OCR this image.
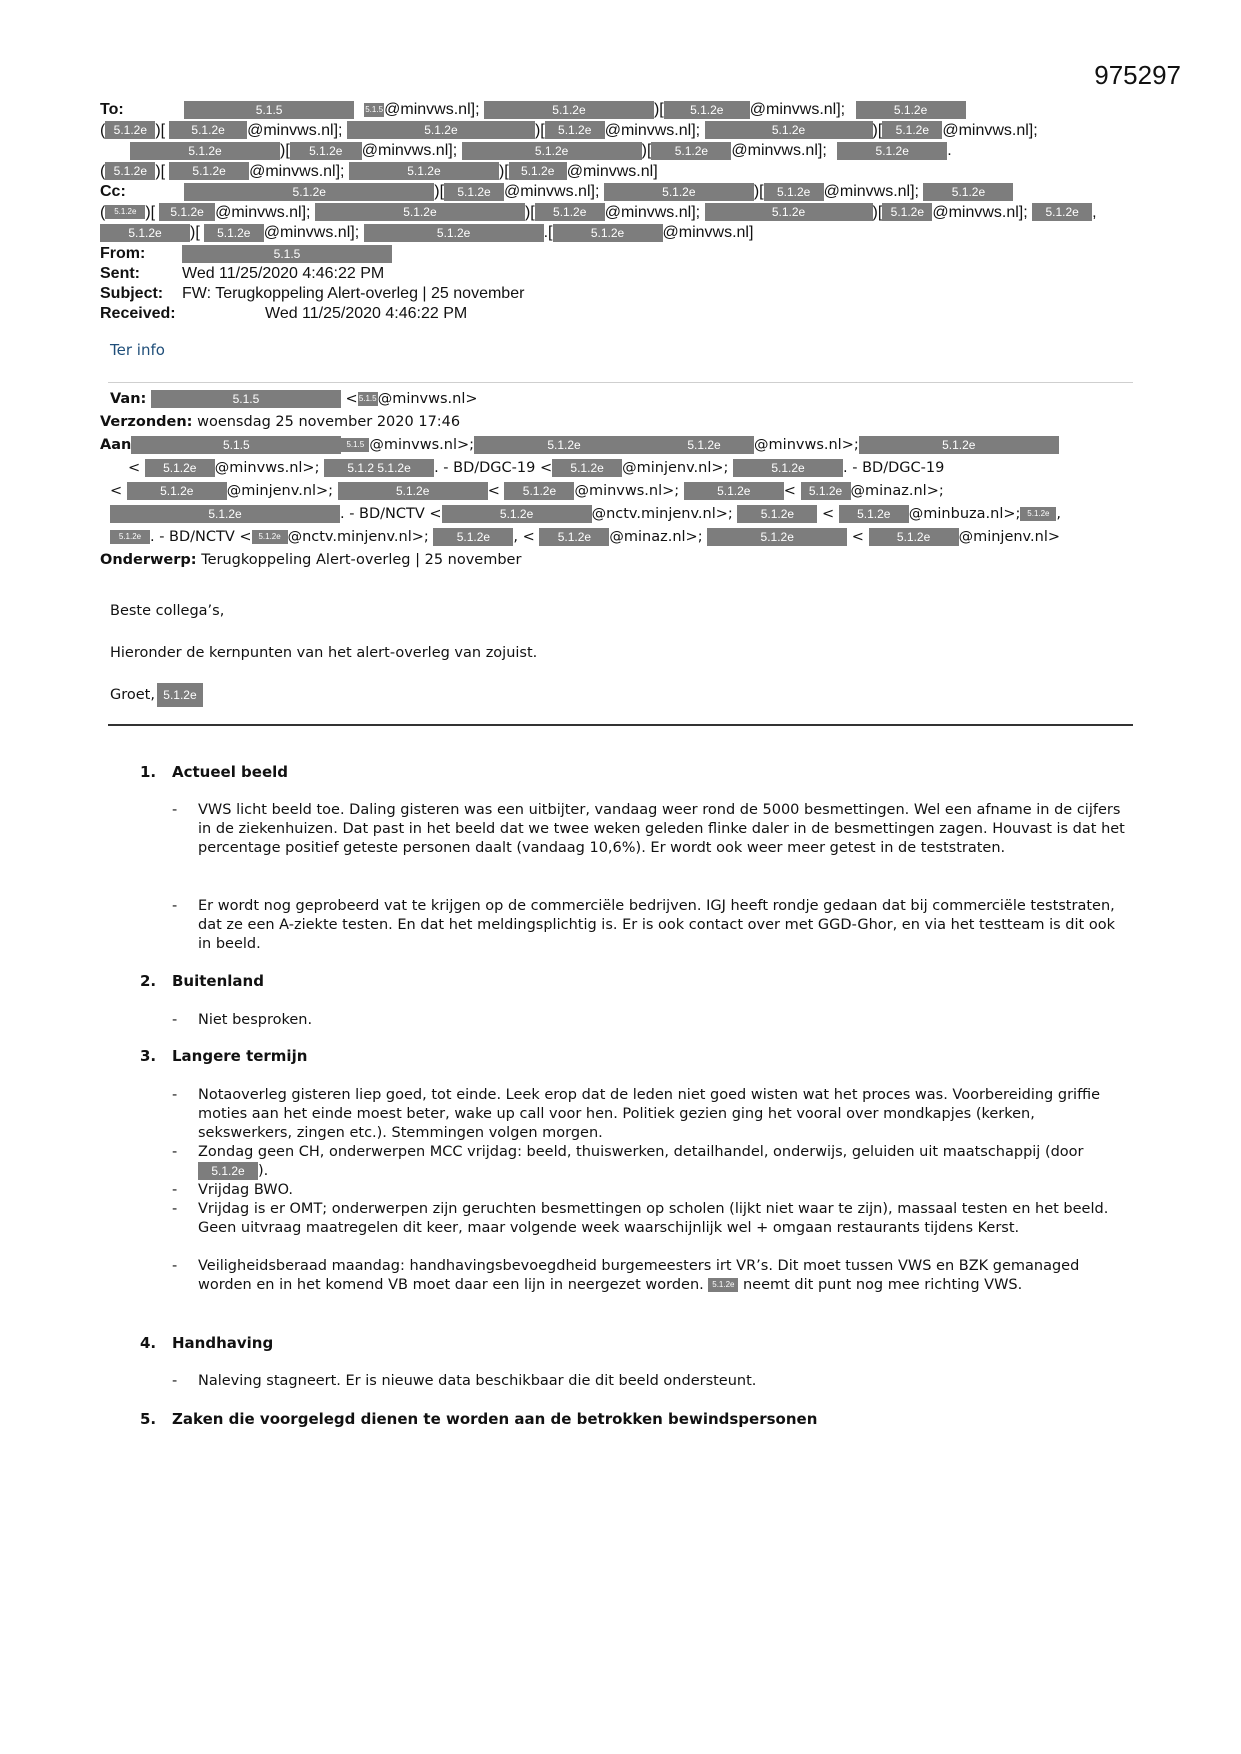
975297
To:	5.1.5	5.1.5@minvws.nl];	5.1.2e	)[ 5.1.2e @minvws.nl];	5.1.2e
( 5.1.2e )[ 5.1.2e @minvws.nl];	5.1.2e	)[ 5.1.2e @minvws.nl];	5.1.2e	)[ 5.1.2e @minvws.nl];
5.1.2e	)[ 5.1.2e @minvws.nl];	5.1.2e	)[ 5.1.2e @minvws.nl];	5.1.2e .
( 5.1.2e )[ 5.1.2e @minvws.nl];	5.1.2e	)[ 5.1.2e @minvws.nl]
Cc:	5.1.2e	)[ 5.1.2e @minvws.nl];	5.1.2e	)[ 5.1.2e @minvws.nl];	5.1.2e
( 5.1.2e )[ 5.1.2e @minvws.nl];	5.1.2e	)[ 5.1.2e @minvws.nl];	5.1.2e	)[ 5.1.2e @minvws.nl]; 5.1.2e ,
5.1.2e )[ 5.1.2e @minvws.nl];	5.1.2e	.[	5.1.2e @minvws.nl]
From:	5.1.5
Sent:	Wed 11/25/2020 4:46:22 PM
Subject: FW: Terugkoppeling Alert-overleg | 25 november
Received:	Wed 11/25/2020 4:46:22 PM
Ter info
Van:	5.1.5	<5.1.5@minvws.nl>
Verzonden: woensdag 25 november 2020 17:46
Aan	5.1.5	5.1.5 @minvws.nl>;	5.1.2e	5.1.2e @minvws.nl>;	5.1.2e
< 5.1.2e @minvws.nl>; 5.1.2 5.1.2e . - BD/DGC-19 < 5.1.2e @minjenv.nl>;	5.1.2e	. - BD/DGC-19
<	5.1.2e @minjenv.nl>;	5.1.2e	< 5.1.2e @minvws.nl>;	5.1.2e < 5.1.2e @minaz.nl>;
5.1.2e	. - BD/NCTV <	5.1.2e	@nctv.minjenv.nl>; 5.1.2e < 5.1.2e @minbuza.nl>; 5.1.2e ,
5.1.2e . - BD/NCTV < 5.1.2e @nctv.minjenv.nl>; 5.1.2e , < 5.1.2e @minaz.nl>;	5.1.2e	< 5.1.2e @minjenv.nl>
Onderwerp: Terugkoppeling Alert-overleg | 25 november
Beste collega’s,
Hieronder de kernpunten van het alert-overleg van zojuist.
Groet, 5.1.2e
1. Actueel beeld
- VWS licht beeld toe. Daling gisteren was een uitbijter, vandaag weer rond de 5000 besmettingen. Wel een afname in de cijfers in de ziekenhuizen. Dat past in het beeld dat we twee weken geleden flinke daler in de besmettingen zagen. Houvast is dat het percentage positief geteste personen daalt (vandaag 10,6%). Er wordt ook weer meer getest in de teststraten.
- Er wordt nog geprobeerd vat te krijgen op de commerciële bedrijven. IGJ heeft rondje gedaan dat bij commerciële teststraten, dat ze een A-ziekte testen. En dat het meldingsplichtig is. Er is ook contact over met GGD-Ghor, en via het testteam is dit ook in beeld.
2. Buitenland
- Niet besproken.
3. Langere termijn
- Notaoverleg gisteren liep goed, tot einde. Leek erop dat de leden niet goed wisten wat het proces was. Voorbereiding griffie moties aan het einde moest beter, wake up call voor hen. Politiek gezien ging het vooral over mondkapjes (kerken, sekswerkers, zingen etc.). Stemmingen volgen morgen.
- Zondag geen CH, onderwerpen MCC vrijdag: beeld, thuiswerken, detailhandel, onderwijs, geluiden uit maatschappij (door 5.1.2e ).
- Vrijdag BWO.
- Vrijdag is er OMT; onderwerpen zijn geruchten besmettingen op scholen (lijkt niet waar te zijn), massaal testen en het beeld. Geen uitvraag maatregelen dit keer, maar volgende week waarschijnlijk wel + omgaan restaurants tijdens Kerst.
- Veiligheidsberaad maandag: handhavingsbevoegdheid burgemeesters irt VR’s. Dit moet tussen VWS en BZK gemanaged worden en in het komend VB moet daar een lijn in neergezet worden. 5.1.2e neemt dit punt nog mee richting VWS.
4. Handhaving
- Naleving stagneert. Er is nieuwe data beschikbaar die dit beeld ondersteunt.
5. Zaken die voorgelegd dienen te worden aan de betrokken bewindspersonen
